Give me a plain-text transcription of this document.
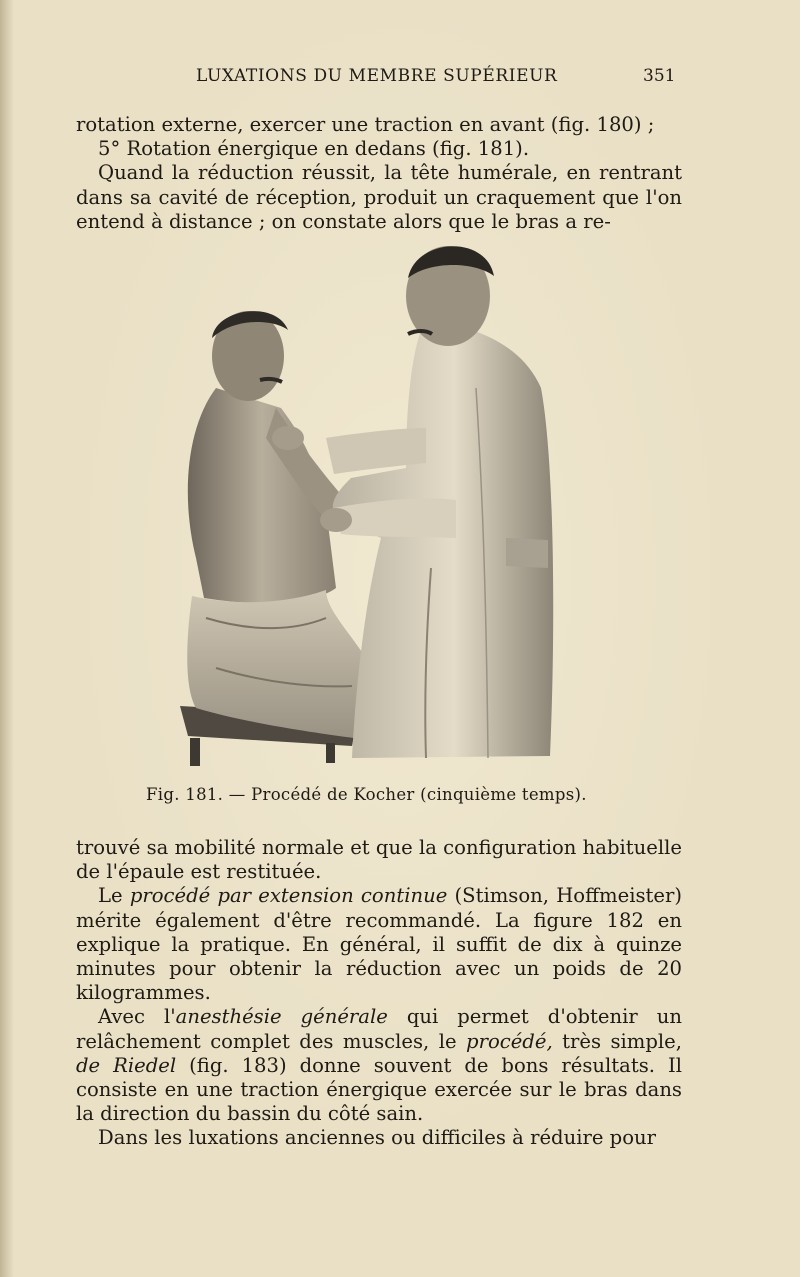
LUXATIONS DU MEMBRE SUPÉRIEUR	351

rotation externe, exercer une traction en avant (fig. 180) ;

5° Rotation énergique en dedans (fig. 181).

Quand la réduction réussit, la tête humérale, en rentrant dans sa cavité de réception, produit un craquement que l'on entend à distance ; on constate alors que le bras a re-

Fig. 181. — Procédé de Kocher (cinquième temps).

trouvé sa mobilité normale et que la configuration habituelle de l'épaule est restituée.

Le procédé par extension continue (Stimson, Hoffmeister) mérite également d'être recommandé. La figure 182 en explique la pratique. En général, il suffit de dix à quinze minutes pour obtenir la réduction avec un poids de 20 kilogrammes.

Avec l'anesthésie générale qui permet d'obtenir un relâchement complet des muscles, le procédé, très simple, de Riedel (fig. 183) donne souvent de bons résultats. Il consiste en une traction énergique exercée sur le bras dans la direction du bassin du côté sain.

Dans les luxations anciennes ou difficiles à réduire pour
